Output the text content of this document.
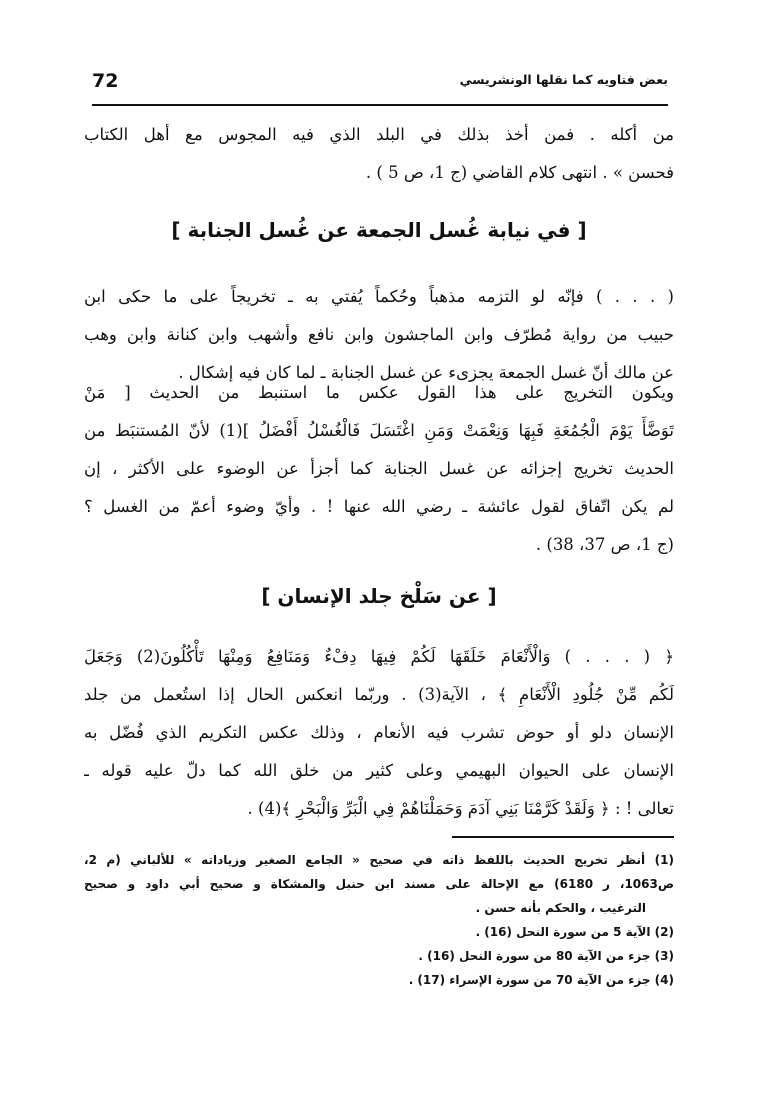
72	بعض فتاويه كما نقلها الونشريسي
من أكله . فمن أخذ بذلك في البلد الذي فيه المجوس مع أهل الكتاب
فحسن » . انتهى كلام القاضي (ج 1، ص 5 ) .
[ في نيابة غُسل الجمعة عن غُسل الجنابة ]
( . . . ) فإنّه لو التزمه مذهباً وحُكماً يُفتي به ـ تخريجاً على ما حكى ابن
حبيب من رواية مُطرّف وابن الماجشون وابن نافع وأشهب وابن كنانة وابن وهب
عن مالك أنّ غسل الجمعة يجزىء عن غسل الجنابة ـ لما كان فيه إشكال .
ويكون التخريج على هذا القول عكس ما استنبط من الحديث [ مَنْ
تَوَضَّأَ يَوْمَ الْجُمُعَةِ فَبِهَا وَنِعْمَتْ وَمَنِ اغْتَسَلَ فَالْغُسْلُ أَفْضَلُ ](1) لأنّ المُستنبَط من
الحديث تخريج إجزائه عن غسل الجنابة كما أجزأ عن الوضوء على الأكثر ، إن
لم يكن اتّفاق لقول عائشة ـ رضي الله عنها ! . وأيّ وضوء أعمّ من الغسل ؟
(ج 1، ص 37، 38) .
[ عن سَلْخ جلد الإنسان ]
﴿ ( . . . ) وَالْأَنْعَامَ خَلَقَهَا لَكُمْ فِيهَا دِفْءٌ وَمَنَافِعُ وَمِنْهَا تَأْكُلُونَ(2) وَجَعَلَ
لَكُم مِّنْ جُلُودِ الْأَنْعَامِ ﴾ ، الآية(3) . وربّما انعكس الحال إذا استُعمل من جلد
الإنسان دلو أو حوض تشرب فيه الأنعام ، وذلك عكس التكريم الذي فُضّل به
الإنسان على الحيوان البهيمي وعلى كثير من خلق الله كما دلّ عليه قوله ـ
تعالى ! : ﴿ وَلَقَدْ كَرَّمْنَا بَنِي آدَمَ وَحَمَلْنَاهُمْ فِي الْبَرِّ وَالْبَحْرِ ﴾(4) .
(1) أنظر تخريج الحديث باللفظ ذاته في صحيح « الجامع الصغير وزياداته » للألباني (م 2،
ص1063، ر 6180) مع الإحالة على مسند ابن حنبل والمشكاة و صحيح أبي داود و صحيح
الترغيب ، والحكم بأنه حسن .
(2) الآية 5 من سورة النحل (16) .
(3) جزء من الآية 80 من سورة النحل (16) .
(4) جزء من الآية 70 من سورة الإسراء (17) .
